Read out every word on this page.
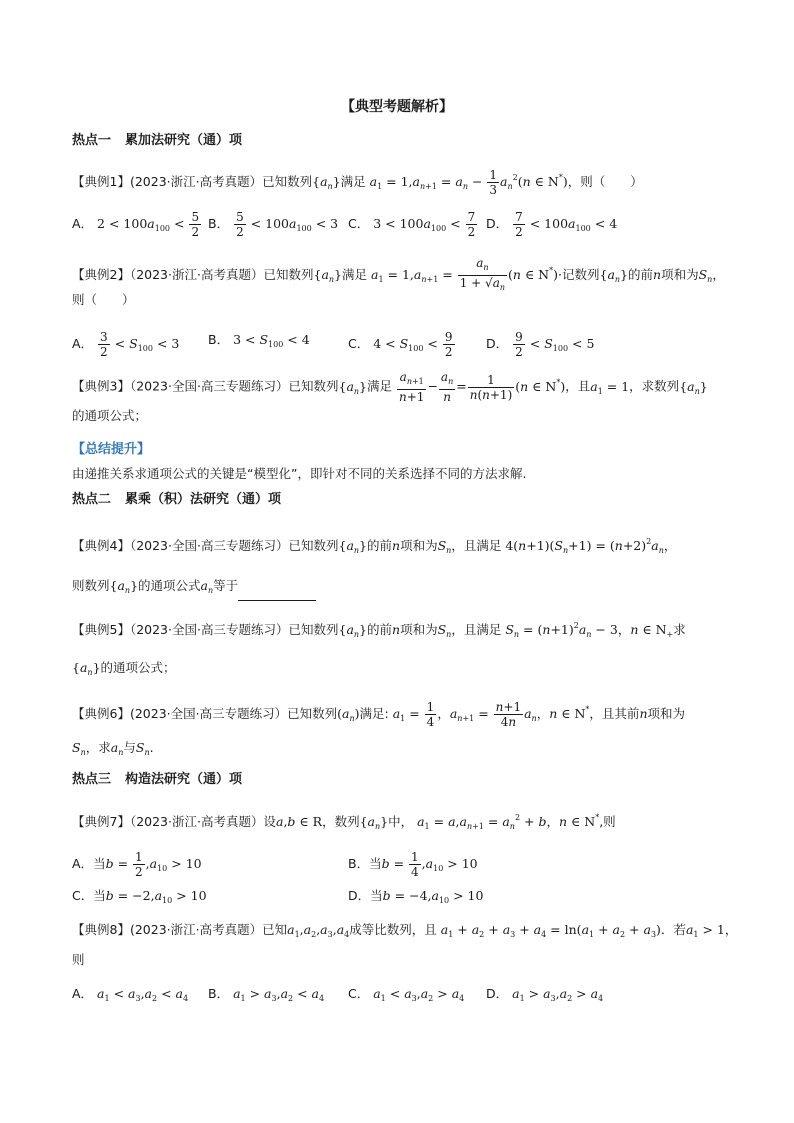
【典型考题解析】
热点一 累加法研究（通）项
【典例1】(2023·浙江·高考真题）已知数列$\{a_n\}$满足 $a_1 = 1,a_{n+1} = a_n - \frac{1}{3} a_n^2(n$ ∈ N*)，则（　　）
A． $2 < 100a_{100} < \frac{5}{2}$ B． $\frac{5}{2} < 100a_{100} < 3$ C． $3 < 100a_{100} < \frac{7}{2}$ D． $\frac{7}{2} < 100a_{100} < 4$
【典例2】（2023·浙江·高考真题）已知数列$\{a_n\}$满足 $a_1 = 1,a_{n+1} = \frac{a_n}{1 + √a_n} (n$ ∈ N*)·记数列$\{a_n\}$的前n项和为$S_n$，
则（　　）
A． $\frac{3}{2} < S_{100} < 3$ B． $3 < S_{100} < 4$	C． $4 < S_{100} < \frac{9}{2}$	D． $\frac{9}{2} < S_{100} < 5$
【典例3】（2023·全国·高三专题练习）已知数列$\{a_n\}$满足 $\frac{a_{n+1}}{n+1} - \frac{a_n}{n} = \frac{1}{n(n+1)} (n$ ∈ N*)，且$a_1 = 1$，求数列$\{a_n\}$
的通项公式；
【总结提升】
由递推关系求通项公式的关键是“模型化”，即针对不同的关系选择不同的方法求解.
热点二 累乘（积）法研究（通）项
【典例4】（2023·全国·高三专题练习）已知数列$\{a_n\}$的前n项和为$S_n$，且满足 $4(n+1)(S_n+1) = (n+2)^2a_n$，
则数列$\{a_n\}$的通项公式$a_n$等于
【典例5】（2023·全国·高三专题练习）已知数列$\{a_n\}$的前n项和为$S_n$，且满足 $S_n = (n+1)^2a_n - 3$，n ∈ $N_+$求
$\{a_n\}$的通项公式；
【典例6】(2023·全国·高三专题练习）已知数列$(a_n)$满足: $a_1 = \frac{1}{4}$ ，$a_{n+1} = \frac{n+1}{4n} a_n$，n ∈ N*，且其前n项和为
$S_n$，求$a_n$与$S_n$.
热点三 构造法研究（通）项
【典例7】（2023·浙江·高考真题）设a,b ∈ R，数列$\{a_n\}$中， $a_1 = a,a_{n+1} = a_n^2 + b$，n ∈ N*,则
A．当$b = \frac{1}{2} ,a_{10} > 10$	B．当$b = \frac{1}{4} ,a_{10} > 10$
C．当$b = -2,a_{10} > 10$	D．当$b = -4,a_{10} > 10$
【典例8】(2023·浙江·高考真题）已知$a_1,a_2,a_3,a_4$成等比数列，且 $a_1 + a_2 + a_3 + a_4 = \ln(a_1 + a_2 + a_3)$．若$a_1 > 1$，
则
A． $a_1 < a_3,a_2 < a_4$ B． $a_1 > a_3,a_2 < a_4$ C． $a_1 < a_3,a_2 > a_4$ D． $a_1 > a_3,a_2 > a_4$
